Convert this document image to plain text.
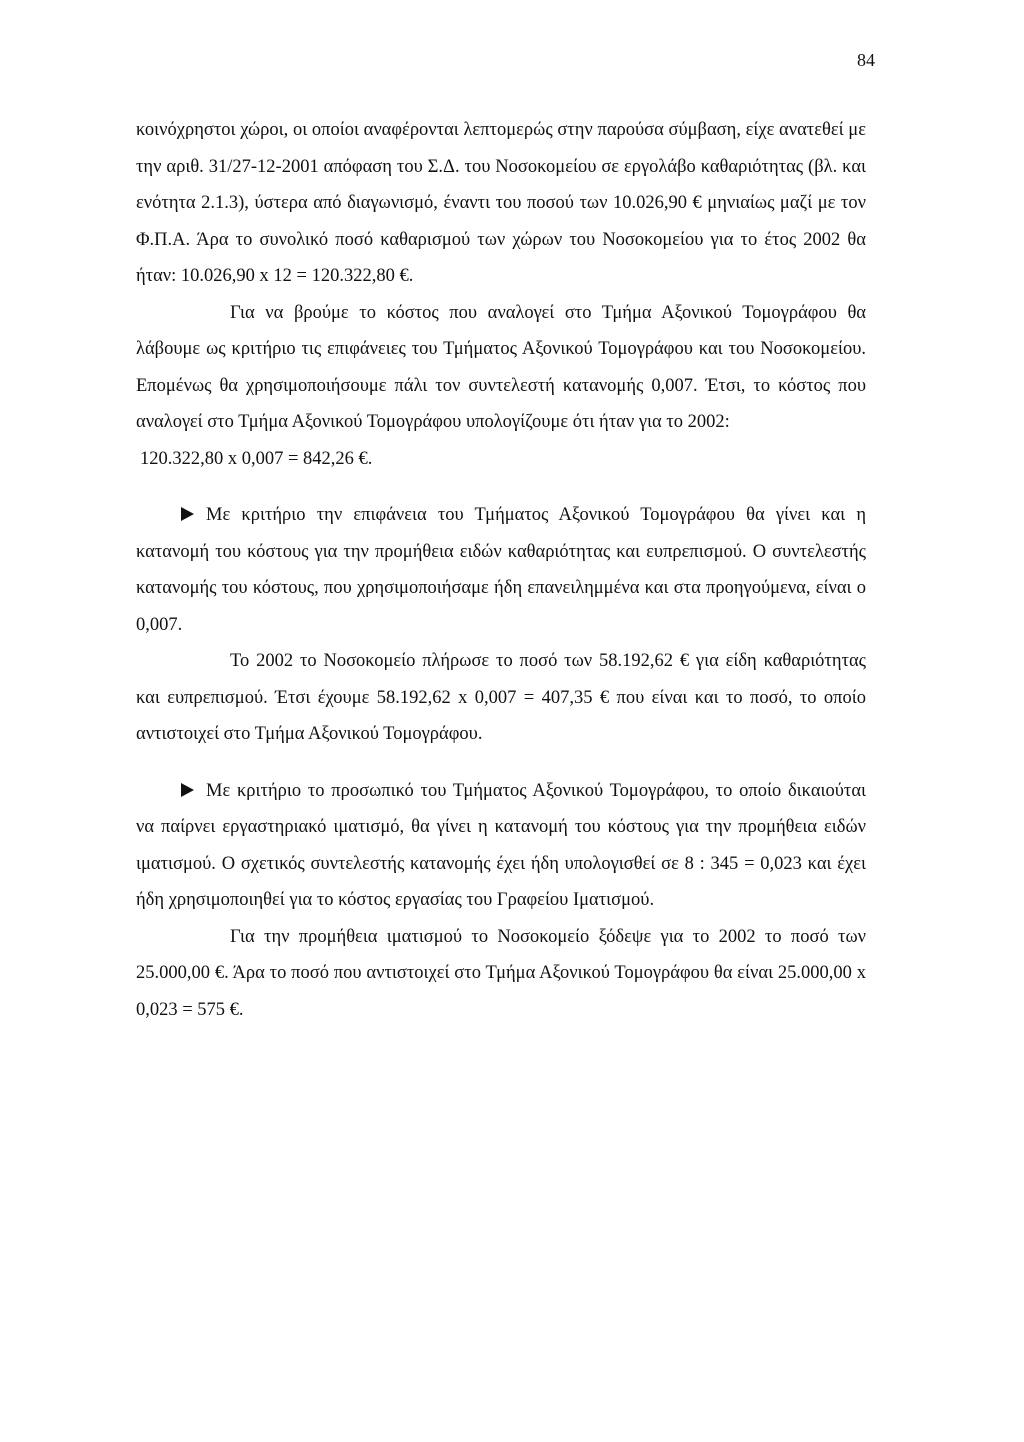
84

κοινόχρηστοι χώροι, οι οποίοι αναφέρονται λεπτομερώς στην παρούσα σύμβαση, είχε ανατεθεί με την αριθ. 31/27-12-2001 απόφαση του Σ.Δ. του Νοσοκομείου σε εργολάβο καθαριότητας (βλ. και ενότητα 2.1.3), ύστερα από διαγωνισμό, έναντι του ποσού των 10.026,90 € μηνιαίως μαζί με τον Φ.Π.Α. Άρα το συνολικό ποσό καθαρισμού των χώρων του Νοσοκομείου για το έτος 2002 θα ήταν: 10.026,90 x 12 = 120.322,80 €.

Για να βρούμε το κόστος που αναλογεί στο Τμήμα Αξονικού Τομογράφου θα λάβουμε ως κριτήριο τις επιφάνειες του Τμήματος Αξονικού Τομογράφου και του Νοσοκομείου. Επομένως θα χρησιμοποιήσουμε πάλι τον συντελεστή κατανομής 0,007. Έτσι, το κόστος που αναλογεί στο Τμήμα Αξονικού Τομογράφου υπολογίζουμε ότι ήταν για το 2002:

120.322,80 x 0,007 = 842,26 €.

Με κριτήριο την επιφάνεια του Τμήματος Αξονικού Τομογράφου θα γίνει και η κατανομή του κόστους για την προμήθεια ειδών καθαριότητας και ευπρεπισμού. Ο συντελεστής κατανομής του κόστους, που χρησιμοποιήσαμε ήδη επανειλημμένα και στα προηγούμενα, είναι ο 0,007.

Το 2002 το Νοσοκομείο πλήρωσε το ποσό των 58.192,62 € για είδη καθαριότητας και ευπρεπισμού. Έτσι έχουμε 58.192,62 x 0,007 = 407,35 € που είναι και το ποσό, το οποίο αντιστοιχεί στο Τμήμα Αξονικού Τομογράφου.

Με κριτήριο το προσωπικό του Τμήματος Αξονικού Τομογράφου, το οποίο δικαιούται να παίρνει εργαστηριακό ιματισμό, θα γίνει η κατανομή του κόστους για την προμήθεια ειδών ιματισμού. Ο σχετικός συντελεστής κατανομής έχει ήδη υπολογισθεί σε 8 : 345 = 0,023 και έχει ήδη χρησιμοποιηθεί για το κόστος εργασίας του Γραφείου Ιματισμού.

Για την προμήθεια ιματισμού το Νοσοκομείο ξόδεψε για το 2002 το ποσό των 25.000,00 €. Άρα το ποσό που αντιστοιχεί στο Τμήμα Αξονικού Τομογράφου θα είναι 25.000,00 x 0,023 = 575 €.
